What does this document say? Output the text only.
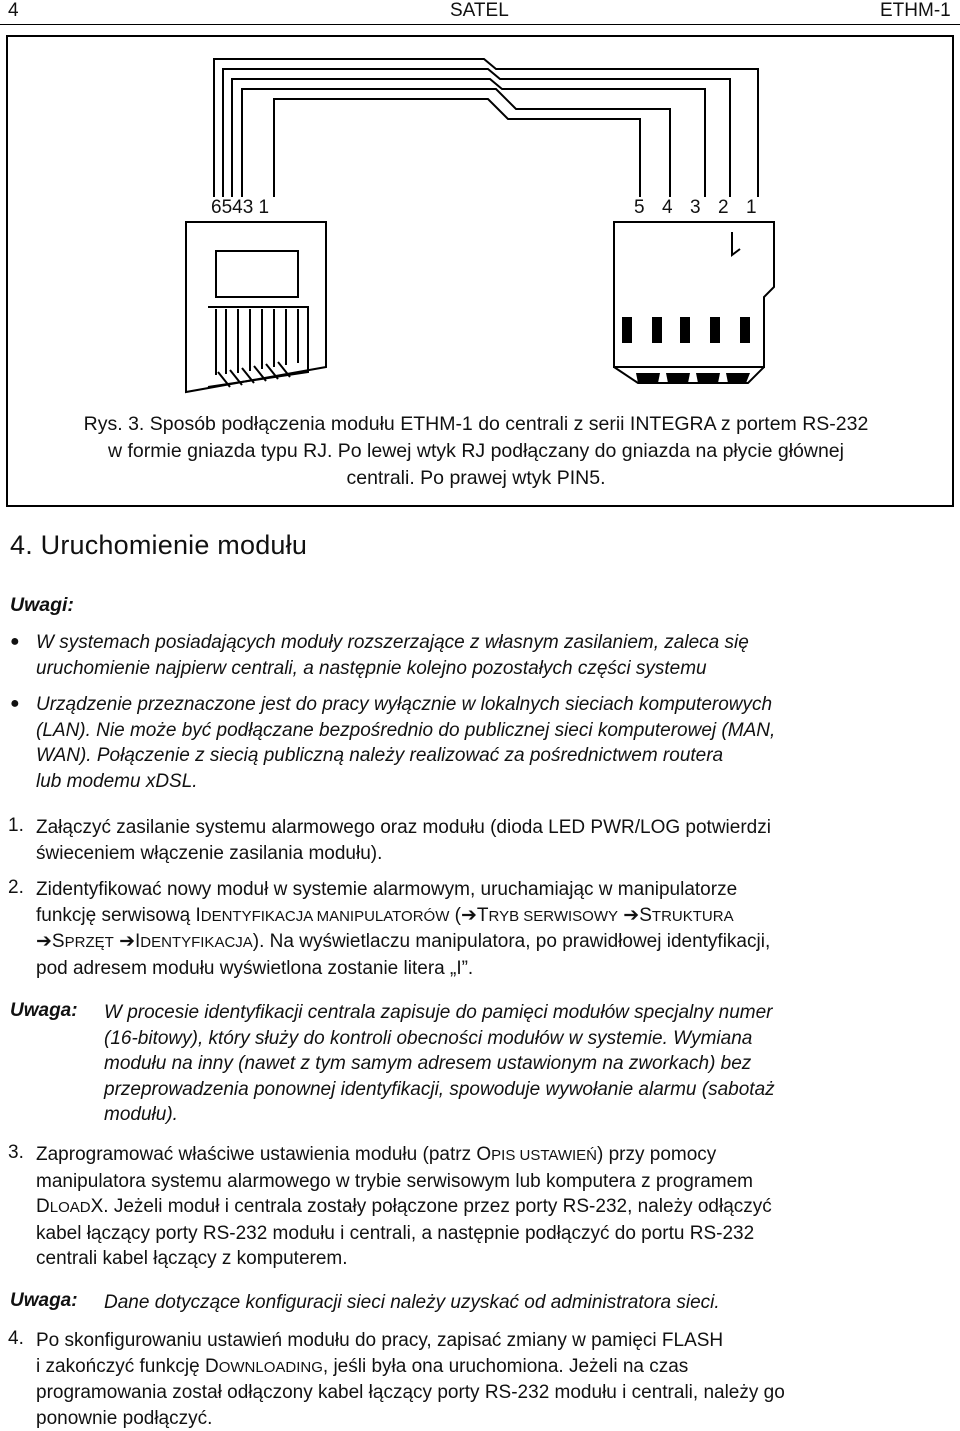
4	SATEL	ETHM-1
6543 1	5 4 3 2 1
Rys. 3. Sposób podłączenia modułu ETHM-1 do centrali z serii INTEGRA z portem RS-232
w formie gniazda typu RJ. Po lewej wtyk RJ podłączany do gniazda na płycie głównej
centrali. Po prawej wtyk PIN5.
4. Uruchomienie modułu
Uwagi:
● W systemach posiadających moduły rozszerzające z własnym zasilaniem, zaleca się
uruchomienie najpierw centrali, a następnie kolejno pozostałych części systemu
● Urządzenie przeznaczone jest do pracy wyłącznie w lokalnych sieciach komputerowych
(LAN). Nie może być podłączane bezpośrednio do publicznej sieci komputerowej (MAN,
WAN). Połączenie z siecią publiczną należy realizować za pośrednictwem routera
lub modemu xDSL.
1. Załączyć zasilanie systemu alarmowego oraz modułu (dioda LED PWR/LOG potwierdzi
świeceniem włączenie zasilania modułu).
2. Zidentyfikować nowy moduł w systemie alarmowym, uruchamiając w manipulatorze
funkcję serwisową IDENTYFIKACJA MANIPULATORÓW (➔TRYB SERWISOWY ➔STRUKTURA
➔SPRZĘT ➔IDENTYFIKACJA). Na wyświetlaczu manipulatora, po prawidłowej identyfikacji,
pod adresem modułu wyświetlona zostanie litera „I”.
Uwaga: W procesie identyfikacji centrala zapisuje do pamięci modułów specjalny numer
(16-bitowy), który służy do kontroli obecności modułów w systemie. Wymiana
modułu na inny (nawet z tym samym adresem ustawionym na zworkach) bez
przeprowadzenia ponownej identyfikacji, spowoduje wywołanie alarmu (sabotaż
modułu).
3. Zaprogramować właściwe ustawienia modułu (patrz OPIS USTAWIEŃ) przy pomocy
manipulatora systemu alarmowego w trybie serwisowym lub komputera z programem
DLOADX. Jeżeli moduł i centrala zostały połączone przez porty RS-232, należy odłączyć
kabel łączący porty RS-232 modułu i centrali, a następnie podłączyć do portu RS-232
centrali kabel łączący z komputerem.
Uwaga: Dane dotyczące konfiguracji sieci należy uzyskać od administratora sieci.
4. Po skonfigurowaniu ustawień modułu do pracy, zapisać zmiany w pamięci FLASH
i zakończyć funkcję DOWNLOADING, jeśli była ona uruchomiona. Jeżeli na czas
programowania został odłączony kabel łączący porty RS-232 modułu i centrali, należy go
ponownie podłączyć.
